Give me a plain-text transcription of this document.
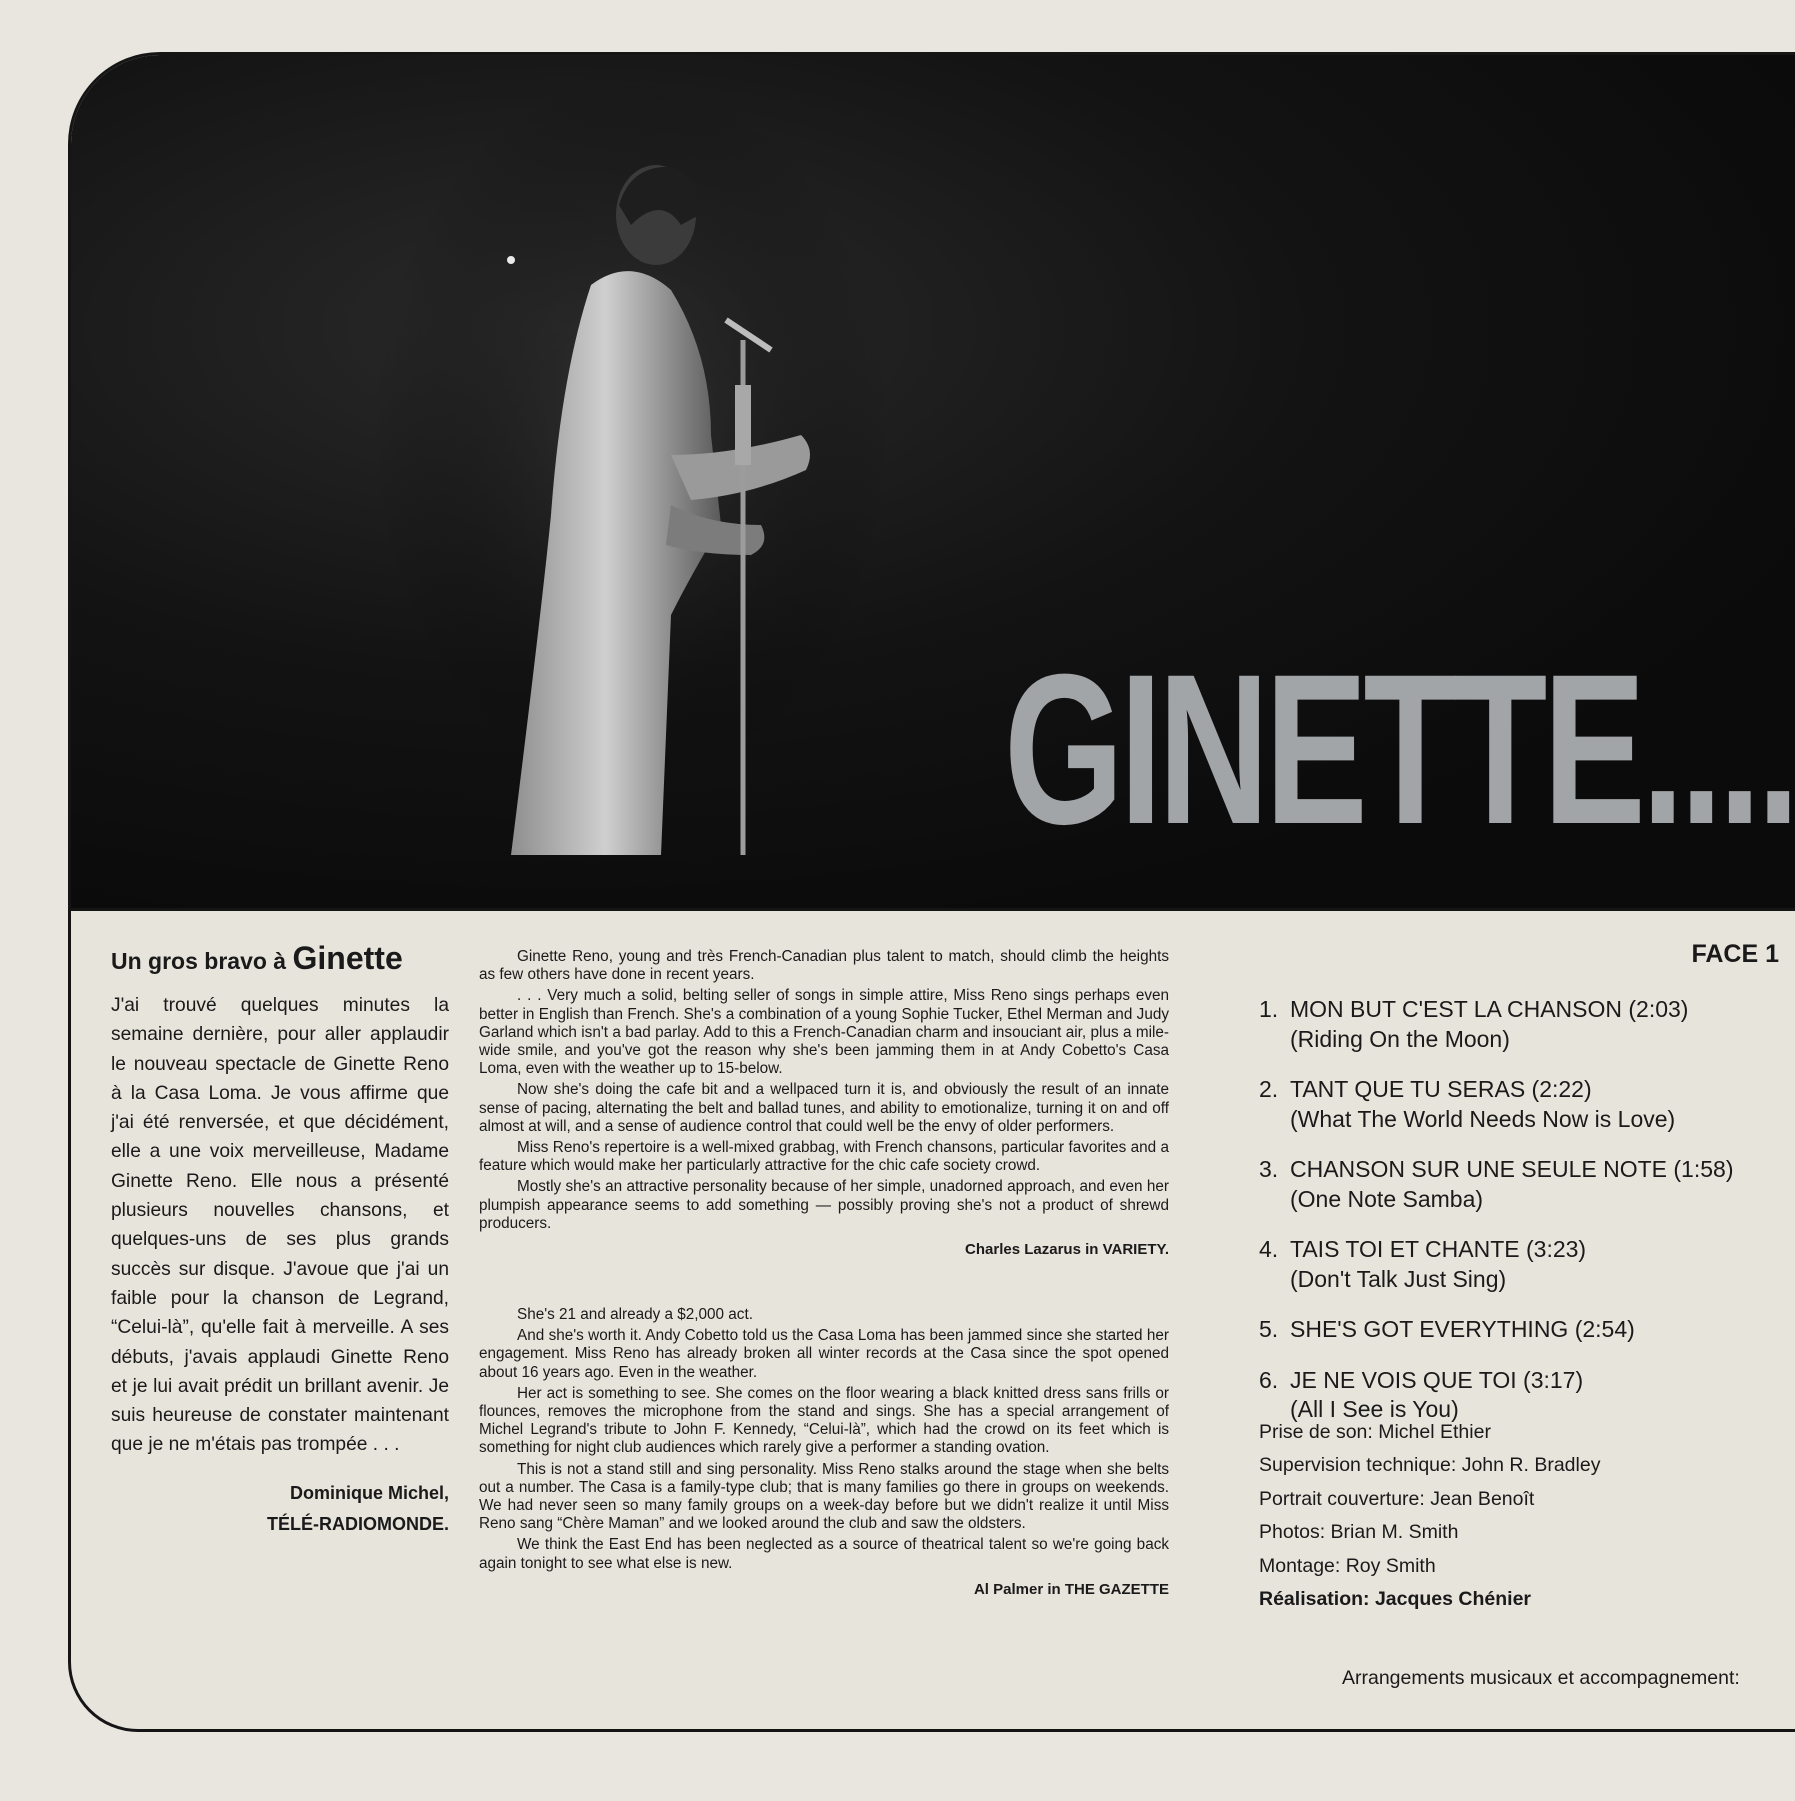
GINETTE....
Un gros bravo à Ginette

J'ai trouvé quelques minutes la semaine dernière, pour aller applaudir le nouveau spectacle de Ginette Reno à la Casa Loma. Je vous affirme que j'ai été renversée, et que décidément, elle a une voix merveilleuse, Madame Ginette Reno. Elle nous a présenté plusieurs nouvelles chansons, et quelques-uns de ses plus grands succès sur disque. J'avoue que j'ai un faible pour la chanson de Legrand, “Celui-là”, qu'elle fait à merveille. A ses débuts, j'avais applaudi Ginette Reno et je lui avait prédit un brillant avenir. Je suis heureuse de constater maintenant que je ne m'étais pas trompée . . .

Dominique Michel,
TÉLÉ-RADIOMONDE.

Ginette Reno, young and très French-Canadian plus talent to match, should climb the heights as few others have done in recent years.

. . . Very much a solid, belting seller of songs in simple attire, Miss Reno sings perhaps even better in English than French. She's a combination of a young Sophie Tucker, Ethel Merman and Judy Garland which isn't a bad parlay. Add to this a French-Canadian charm and insouciant air, plus a mile-wide smile, and you've got the reason why she's been jamming them in at Andy Cobetto's Casa Loma, even with the weather up to 15-below.

Now she's doing the cafe bit and a wellpaced turn it is, and obviously the result of an innate sense of pacing, alternating the belt and ballad tunes, and ability to emotionalize, turning it on and off almost at will, and a sense of audience control that could well be the envy of older performers.

Miss Reno's repertoire is a well-mixed grabbag, with French chansons, particular favorites and a feature which would make her particularly attractive for the chic cafe society crowd.

Mostly she's an attractive personality because of her simple, unadorned approach, and even her plumpish appearance seems to add something — possibly proving she's not a product of shrewd producers.

Charles Lazarus in VARIETY.

She's 21 and already a $2,000 act.

And she's worth it. Andy Cobetto told us the Casa Loma has been jammed since she started her engagement. Miss Reno has already broken all winter records at the Casa since the spot opened about 16 years ago. Even in the weather.

Her act is something to see. She comes on the floor wearing a black knitted dress sans frills or flounces, removes the microphone from the stand and sings. She has a special arrangement of Michel Legrand's tribute to John F. Kennedy, “Celui-là”, which had the crowd on its feet which is something for night club audiences which rarely give a performer a standing ovation.

This is not a stand still and sing personality. Miss Reno stalks around the stage when she belts out a number. The Casa is a family-type club; that is many families go there in groups on weekends. We had never seen so many family groups on a week-day before but we didn't realize it until Miss Reno sang “Chère Maman” and we looked around the club and saw the oldsters.

We think the East End has been neglected as a source of theatrical talent so we're going back again tonight to see what else is new.

Al Palmer in THE GAZETTE

FACE 1
1. MON BUT C'EST LA CHANSON (2:03)
(Riding On the Moon)
2. TANT QUE TU SERAS (2:22)
(What The World Needs Now is Love)
3. CHANSON SUR UNE SEULE NOTE (1:58)
(One Note Samba)
4. TAIS TOI ET CHANTE (3:23)
(Don't Talk Just Sing)
5. SHE'S GOT EVERYTHING (2:54)
6. JE NE VOIS QUE TOI (3:17)
(All I See is You)
Prise de son: Michel Ethier
Supervision technique: John R. Bradley
Portrait couverture: Jean Benoît
Photos: Brian M. Smith
Montage: Roy Smith
Réalisation: Jacques Chénier
Arrangements musicaux et accompagnement:
